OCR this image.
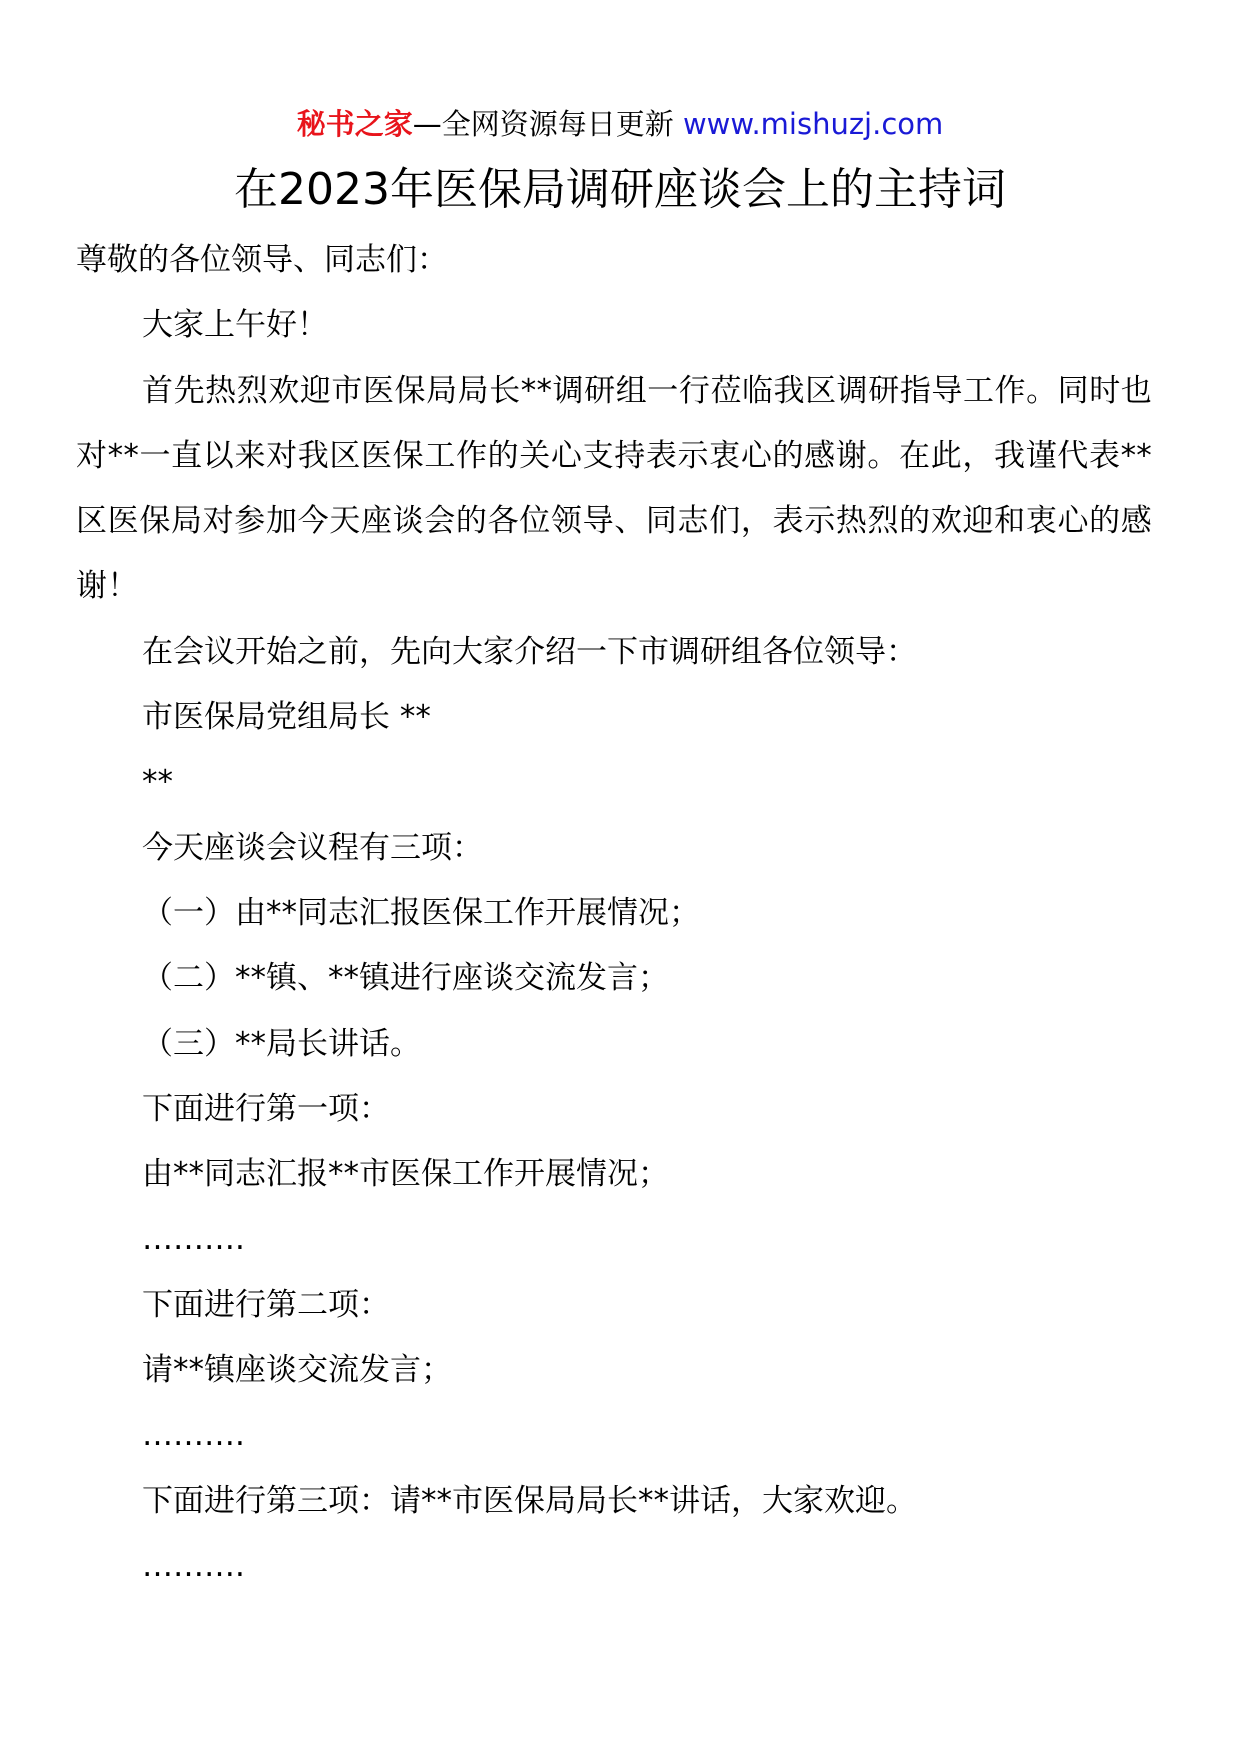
秘书之家—全网资源每日更新 www.mishuzj.com
在2023年医保局调研座谈会上的主持词

尊敬的各位领导、同志们：

大家上午好！

首先热烈欢迎市医保局局长**调研组一行莅临我区调研指导工作。同时也对**一直以来对我区医保工作的关心支持表示衷心的感谢。在此，我谨代表**区医保局对参加今天座谈会的各位领导、同志们，表示热烈的欢迎和衷心的感谢！

在会议开始之前，先向大家介绍一下市调研组各位领导：

市医保局党组局长 **

**

今天座谈会议程有三项：

（一）由**同志汇报医保工作开展情况；

（二）**镇、**镇进行座谈交流发言；

（三）**局长讲话。

下面进行第一项：

由**同志汇报**市医保工作开展情况；

……….

下面进行第二项：

请**镇座谈交流发言；

……….

下面进行第三项：请**市医保局局长**讲话，大家欢迎。

……….
